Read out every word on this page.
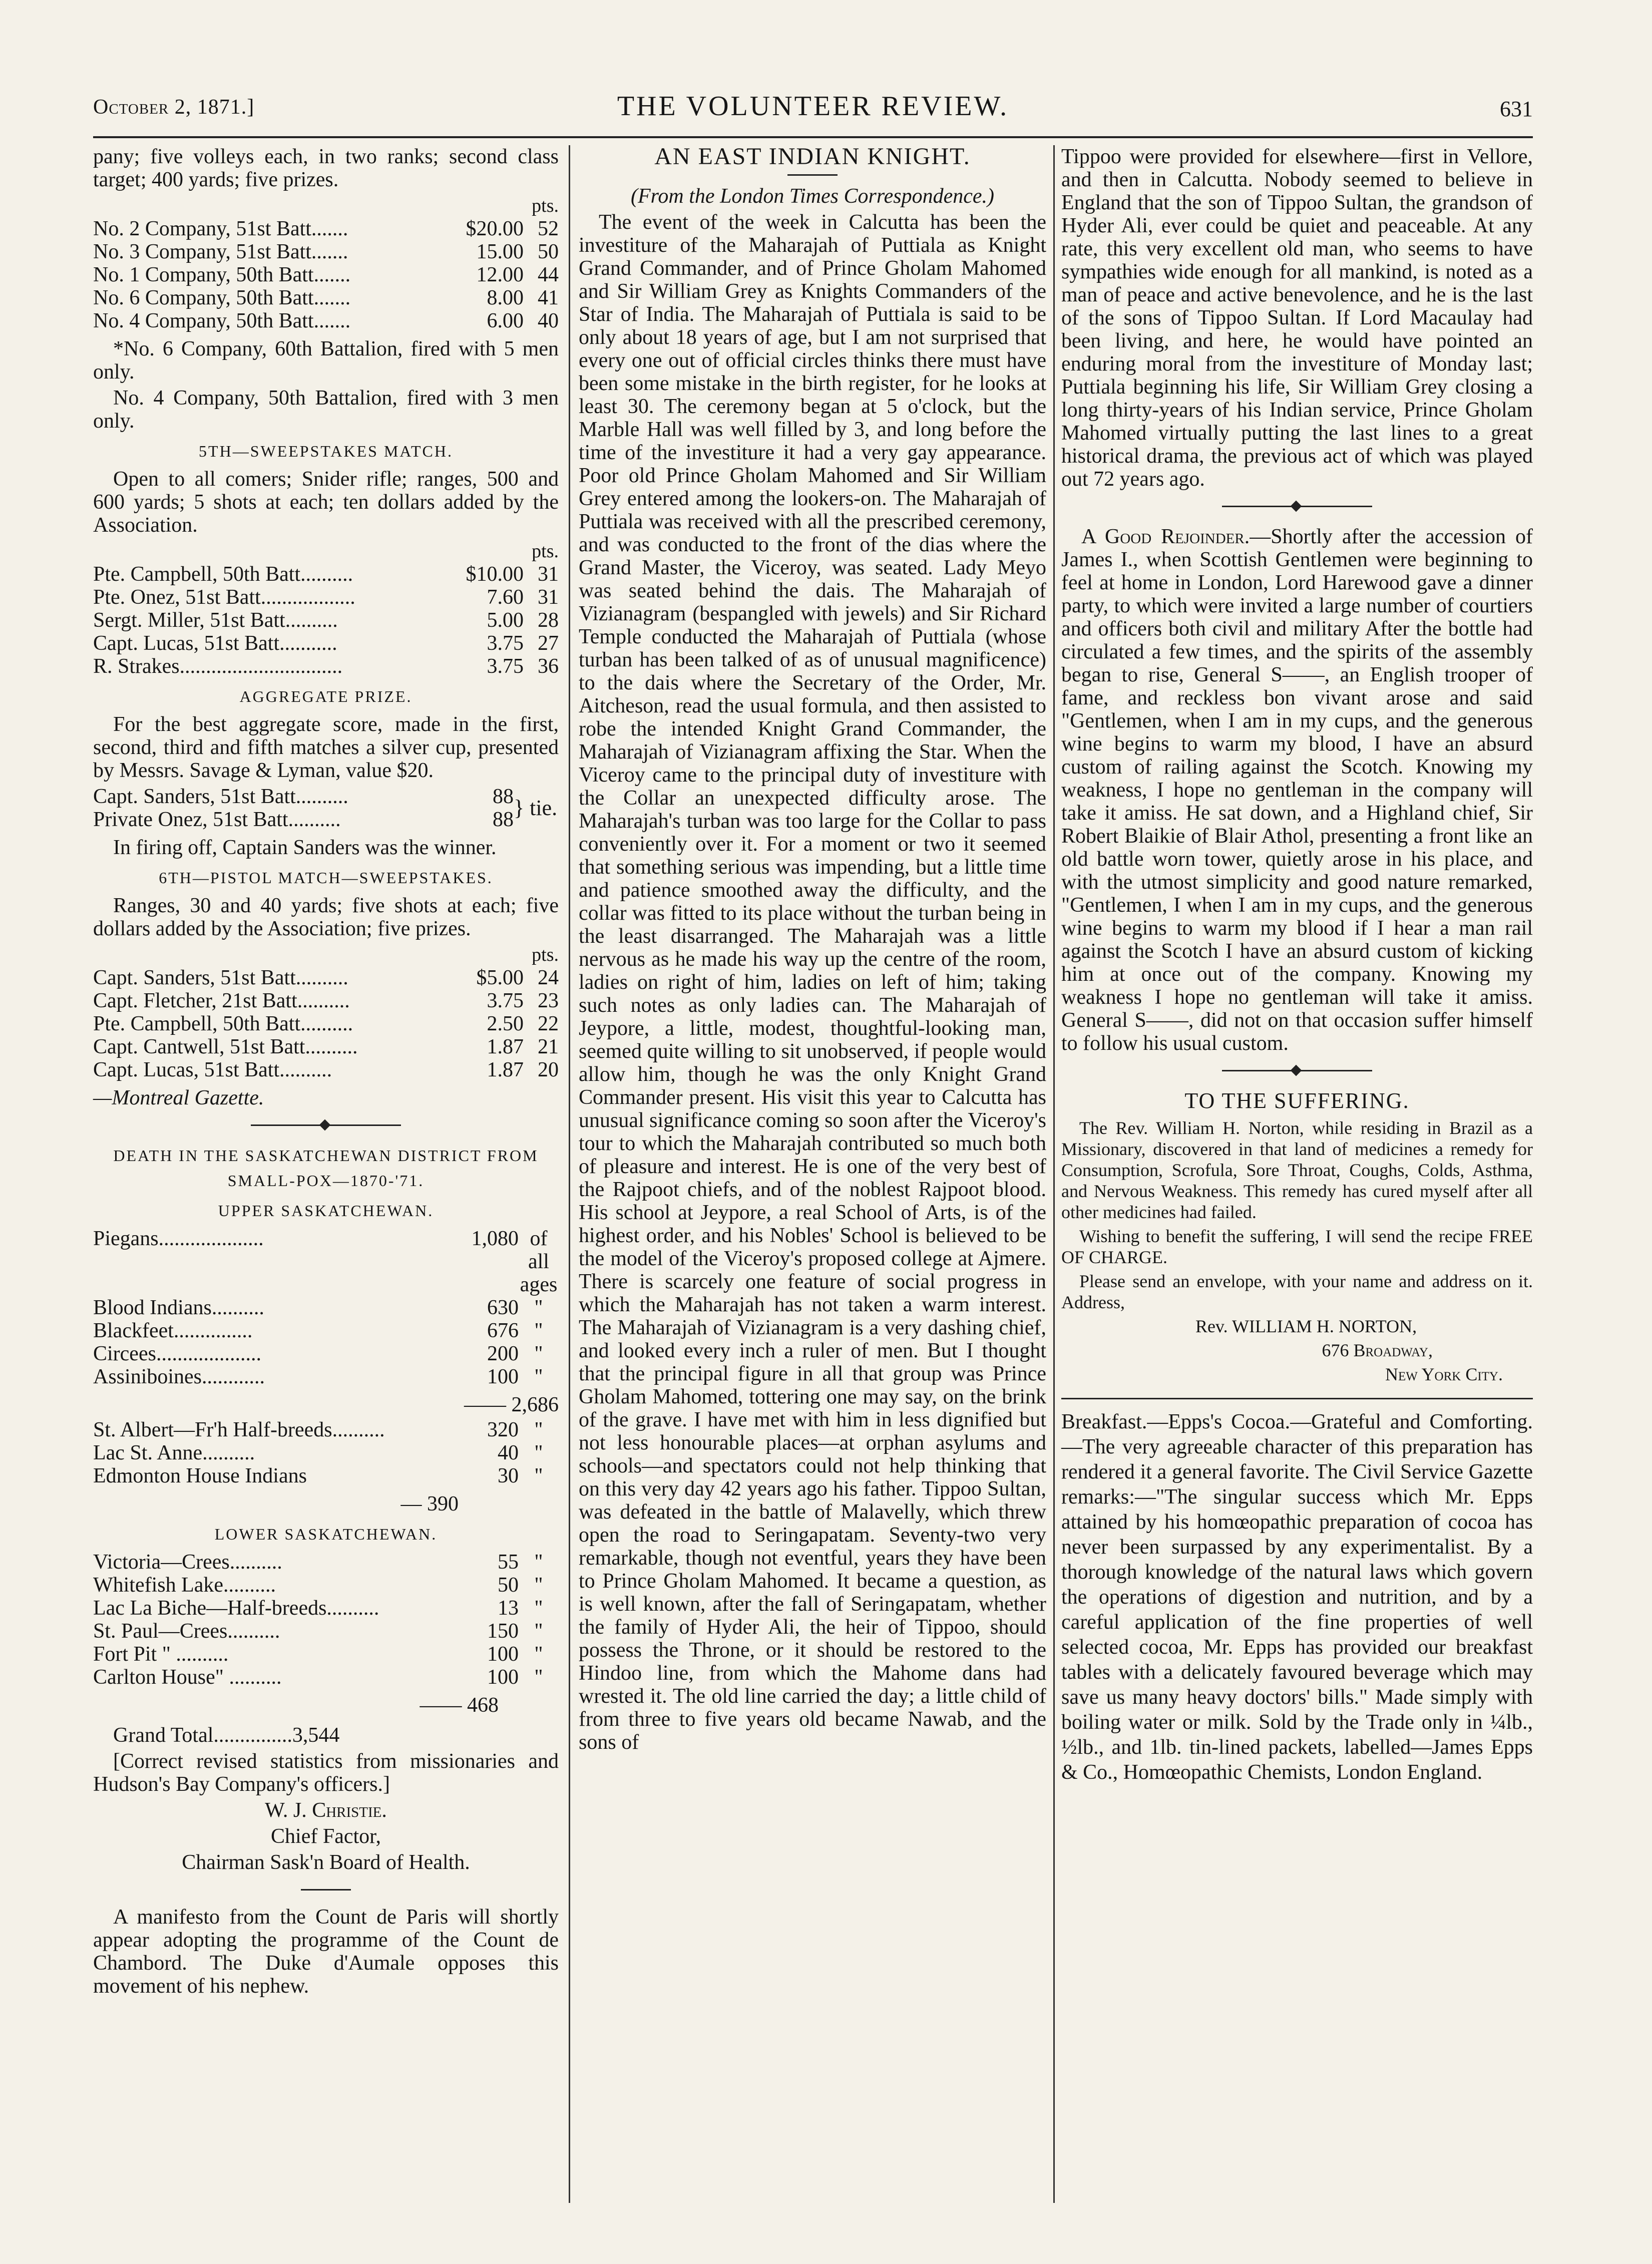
October 2, 1871.]	THE VOLUNTEER REVIEW.	631

pany; five volleys each, in two ranks; second class target; 400 yards; five prizes.

pts.
No. 2 Company, 51st Batt.......	$20.00	52
No. 3 Company, 51st Batt.......	15.00	50
No. 1 Company, 50th Batt.......	12.00	44
No. 6 Company, 50th Batt.......	8.00	41
No. 4 Company, 50th Batt.......	6.00	40

*No. 6 Company, 60th Battalion, fired with 5 men only.

No. 4 Company, 50th Battalion, fired with 3 men only.

5TH—SWEEPSTAKES MATCH.

Open to all comers; Snider rifle; ranges, 500 and 600 yards; 5 shots at each; ten dollars added by the Association.

pts.
Pte. Campbell, 50th Batt..........	$10.00	31
Pte. Onez, 51st Batt..................	7.60	31
Sergt. Miller, 51st Batt..........	5.00	28
Capt. Lucas, 51st Batt...........	3.75	27
R. Strakes...............................	3.75	36
AGGREGATE PRIZE.

For the best aggregate score, made in the first, second, third and fifth matches a silver cup, presented by Messrs. Savage & Lyman, value $20.

Capt. Sanders, 51st Batt..........	88	} tie.
Private Onez, 51st Batt..........	88	

In firing off, Captain Sanders was the winner.

6TH—PISTOL MATCH—SWEEPSTAKES.

Ranges, 30 and 40 yards; five shots at each; five dollars added by the Association; five prizes.

pts.
Capt. Sanders, 51st Batt..........	$5.00	24
Capt. Fletcher, 21st Batt..........	3.75	23
Pte. Campbell, 50th Batt..........	2.50	22
Capt. Cantwell, 51st Batt..........	1.87	21
Capt. Lucas, 51st Batt..........	1.87	20

—Montreal Gazette.

DEATH IN THE SASKATCHEWAN DISTRICT FROM
SMALL-POX—1870-'71.
UPPER SASKATCHEWAN.
Piegans....................	1,080	of all ages
Blood Indians..........	630	"
Blackfeet...............	676	"
Circees....................	200	"
Assiniboines............	100	"
—— 2,686
St. Albert—Fr'h Half-breeds..........	320	"
Lac St. Anne..........	40	"
Edmonton House Indians	30	"
— 390
LOWER SASKATCHEWAN.
Victoria—Crees..........	55	"
Whitefish Lake..........	50	"
Lac La Biche—Half-breeds..........	13	"
St. Paul—Crees..........	150	"
Fort Pit " ..........	100	"
Carlton House" ..........	100	"
—— 468

Grand Total...............3,544

[Correct revised statistics from missionaries and Hudson's Bay Company's officers.]

W. J. Christie.

Chief Factor,

Chairman Sask'n Board of Health.

A manifesto from the Count de Paris will shortly appear adopting the programme of the Count de Chambord. The Duke d'Aumale opposes this movement of his nephew.

AN EAST INDIAN KNIGHT.

(From the London Times Correspondence.)

The event of the week in Calcutta has been the investiture of the Maharajah of Puttiala as Knight Grand Commander, and of Prince Gholam Mahomed and Sir William Grey as Knights Commanders of the Star of India. The Maharajah of Puttiala is said to be only about 18 years of age, but I am not surprised that every one out of official circles thinks there must have been some mistake in the birth register, for he looks at least 30. The ceremony began at 5 o'clock, but the Marble Hall was well filled by 3, and long before the time of the investiture it had a very gay appearance. Poor old Prince Gholam Mahomed and Sir William Grey entered among the lookers-on. The Maharajah of Puttiala was received with all the prescribed ceremony, and was conducted to the front of the dias where the Grand Master, the Viceroy, was seated. Lady Meyo was seated behind the dais. The Maharajah of Vizianagram (bespangled with jewels) and Sir Richard Temple conducted the Maharajah of Puttiala (whose turban has been talked of as of unusual magnificence) to the dais where the Secretary of the Order, Mr. Aitcheson, read the usual formula, and then assisted to robe the intended Knight Grand Commander, the Maharajah of Vizianagram affixing the Star. When the Viceroy came to the principal duty of investiture with the Collar an unexpected difficulty arose. The Maharajah's turban was too large for the Collar to pass conveniently over it. For a moment or two it seemed that something serious was impending, but a little time and patience smoothed away the difficulty, and the collar was fitted to its place without the turban being in the least disarranged. The Maharajah was a little nervous as he made his way up the centre of the room, ladies on right of him, ladies on left of him; taking such notes as only ladies can. The Maharajah of Jeypore, a little, modest, thoughtful-looking man, seemed quite willing to sit unobserved, if people would allow him, though he was the only Knight Grand Commander present. His visit this year to Calcutta has unusual significance coming so soon after the Viceroy's tour to which the Maharajah contributed so much both of pleasure and interest. He is one of the very best of the Rajpoot chiefs, and of the noblest Rajpoot blood. His school at Jeypore, a real School of Arts, is of the highest order, and his Nobles' School is believed to be the model of the Viceroy's proposed college at Ajmere. There is scarcely one feature of social progress in which the Maharajah has not taken a warm interest. The Maharajah of Vizianagram is a very dashing chief, and looked every inch a ruler of men. But I thought that the principal figure in all that group was Prince Gholam Mahomed, tottering one may say, on the brink of the grave. I have met with him in less dignified but not less honourable places—at orphan asylums and schools—and spectators could not help thinking that on this very day 42 years ago his father. Tippoo Sultan, was defeated in the battle of Malavelly, which threw open the road to Seringapatam. Seventy-two very remarkable, though not eventful, years they have been to Prince Gholam Mahomed. It became a question, as is well known, after the fall of Seringapatam, whether the family of Hyder Ali, the heir of Tippoo, should possess the Throne, or it should be restored to the Hindoo line, from which the Mahome dans had wrested it. The old line carried the day; a little child of from three to five years old became Nawab, and the sons of

Tippoo were provided for elsewhere—first in Vellore, and then in Calcutta. Nobody seemed to believe in England that the son of Tippoo Sultan, the grandson of Hyder Ali, ever could be quiet and peaceable. At any rate, this very excellent old man, who seems to have sympathies wide enough for all mankind, is noted as a man of peace and active benevolence, and he is the last of the sons of Tippoo Sultan. If Lord Macaulay had been living, and here, he would have pointed an enduring moral from the investiture of Monday last; Puttiala beginning his life, Sir William Grey closing a long thirty-years of his Indian service, Prince Gholam Mahomed virtually putting the last lines to a great historical drama, the previous act of which was played out 72 years ago.

A Good Rejoinder.—Shortly after the accession of James I., when Scottish Gentlemen were beginning to feel at home in London, Lord Harewood gave a dinner party, to which were invited a large number of courtiers and officers both civil and military After the bottle had circulated a few times, and the spirits of the assembly began to rise, General S——, an English trooper of fame, and reckless bon vivant arose and said "Gentlemen, when I am in my cups, and the generous wine begins to warm my blood, I have an absurd custom of railing against the Scotch. Knowing my weakness, I hope no gentleman in the company will take it amiss. He sat down, and a Highland chief, Sir Robert Blaikie of Blair Athol, presenting a front like an old battle worn tower, quietly arose in his place, and with the utmost simplicity and good nature remarked, "Gentlemen, I when I am in my cups, and the generous wine begins to warm my blood if I hear a man rail against the Scotch I have an absurd custom of kicking him at once out of the company. Knowing my weakness I hope no gentleman will take it amiss. General S——, did not on that occasion suffer himself to follow his usual custom.

TO THE SUFFERING.

The Rev. William H. Norton, while residing in Brazil as a Missionary, discovered in that land of medicines a remedy for Consumption, Scrofula, Sore Throat, Coughs, Colds, Asthma, and Nervous Weakness. This remedy has cured myself after all other medicines had failed.

Wishing to benefit the suffering, I will send the recipe FREE OF CHARGE.

Please send an envelope, with your name and address on it. Address,

Rev. WILLIAM H. NORTON,

676 Broadway,

New York City.

Breakfast.—Epps's Cocoa.—Grateful and Comforting.—The very agreeable character of this preparation has rendered it a general favorite. The Civil Service Gazette remarks:—"The singular success which Mr. Epps attained by his homœopathic preparation of cocoa has never been surpassed by any experimentalist. By a thorough knowledge of the natural laws which govern the operations of digestion and nutrition, and by a careful application of the fine properties of well selected cocoa, Mr. Epps has provided our breakfast tables with a delicately favoured beverage which may save us many heavy doctors' bills." Made simply with boiling water or milk. Sold by the Trade only in ¼lb., ½lb., and 1lb. tin-lined packets, labelled—James Epps & Co., Homœopathic Chemists, London England.
